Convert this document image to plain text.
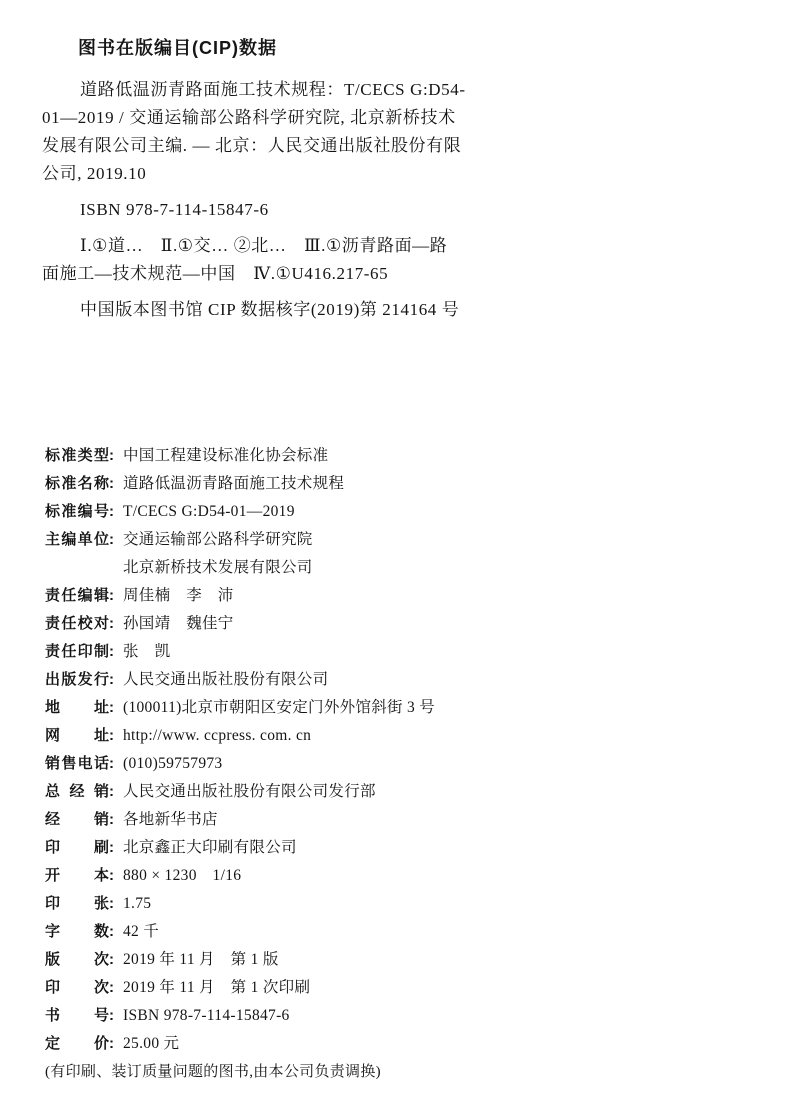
图书在版编目(CIP)数据
道路低温沥青路面施工技术规程：T/CECS G:D54-
01—2019 / 交通运输部公路科学研究院, 北京新桥技术
发展有限公司主编. — 北京：人民交通出版社股份有限
公司, 2019.10
ISBN 978-7-114-15847-6
Ⅰ.①道…　Ⅱ.①交… ②北…　Ⅲ.①沥青路面—路
面施工—技术规范—中国　Ⅳ.①U416.217-65
中国版本图书馆 CIP 数据核字(2019)第 214164 号
标准类型: 中国工程建设标准化协会标准
标准名称: 道路低温沥青路面施工技术规程
标准编号: T/CECS G:D54-01—2019
主编单位: 交通运输部公路科学研究院
北京新桥技术发展有限公司
责任编辑: 周佳楠　李　沛
责任校对: 孙国靖　魏佳宁
责任印制: 张　凯
出版发行: 人民交通出版社股份有限公司
地址: (100011)北京市朝阳区安定门外外馆斜街 3 号
网址: http://www. ccpress. com. cn
销售电话: (010)59757973
总经销: 人民交通出版社股份有限公司发行部
经销: 各地新华书店
印刷: 北京鑫正大印刷有限公司
开本: 880 × 1230　1/16
印张: 1.75
字数: 42 千
版次: 2019 年 11 月　第 1 版
印次: 2019 年 11 月　第 1 次印刷
书号: ISBN 978-7-114-15847-6
定价: 25.00 元
(有印刷、装订质量问题的图书,由本公司负责调换)
